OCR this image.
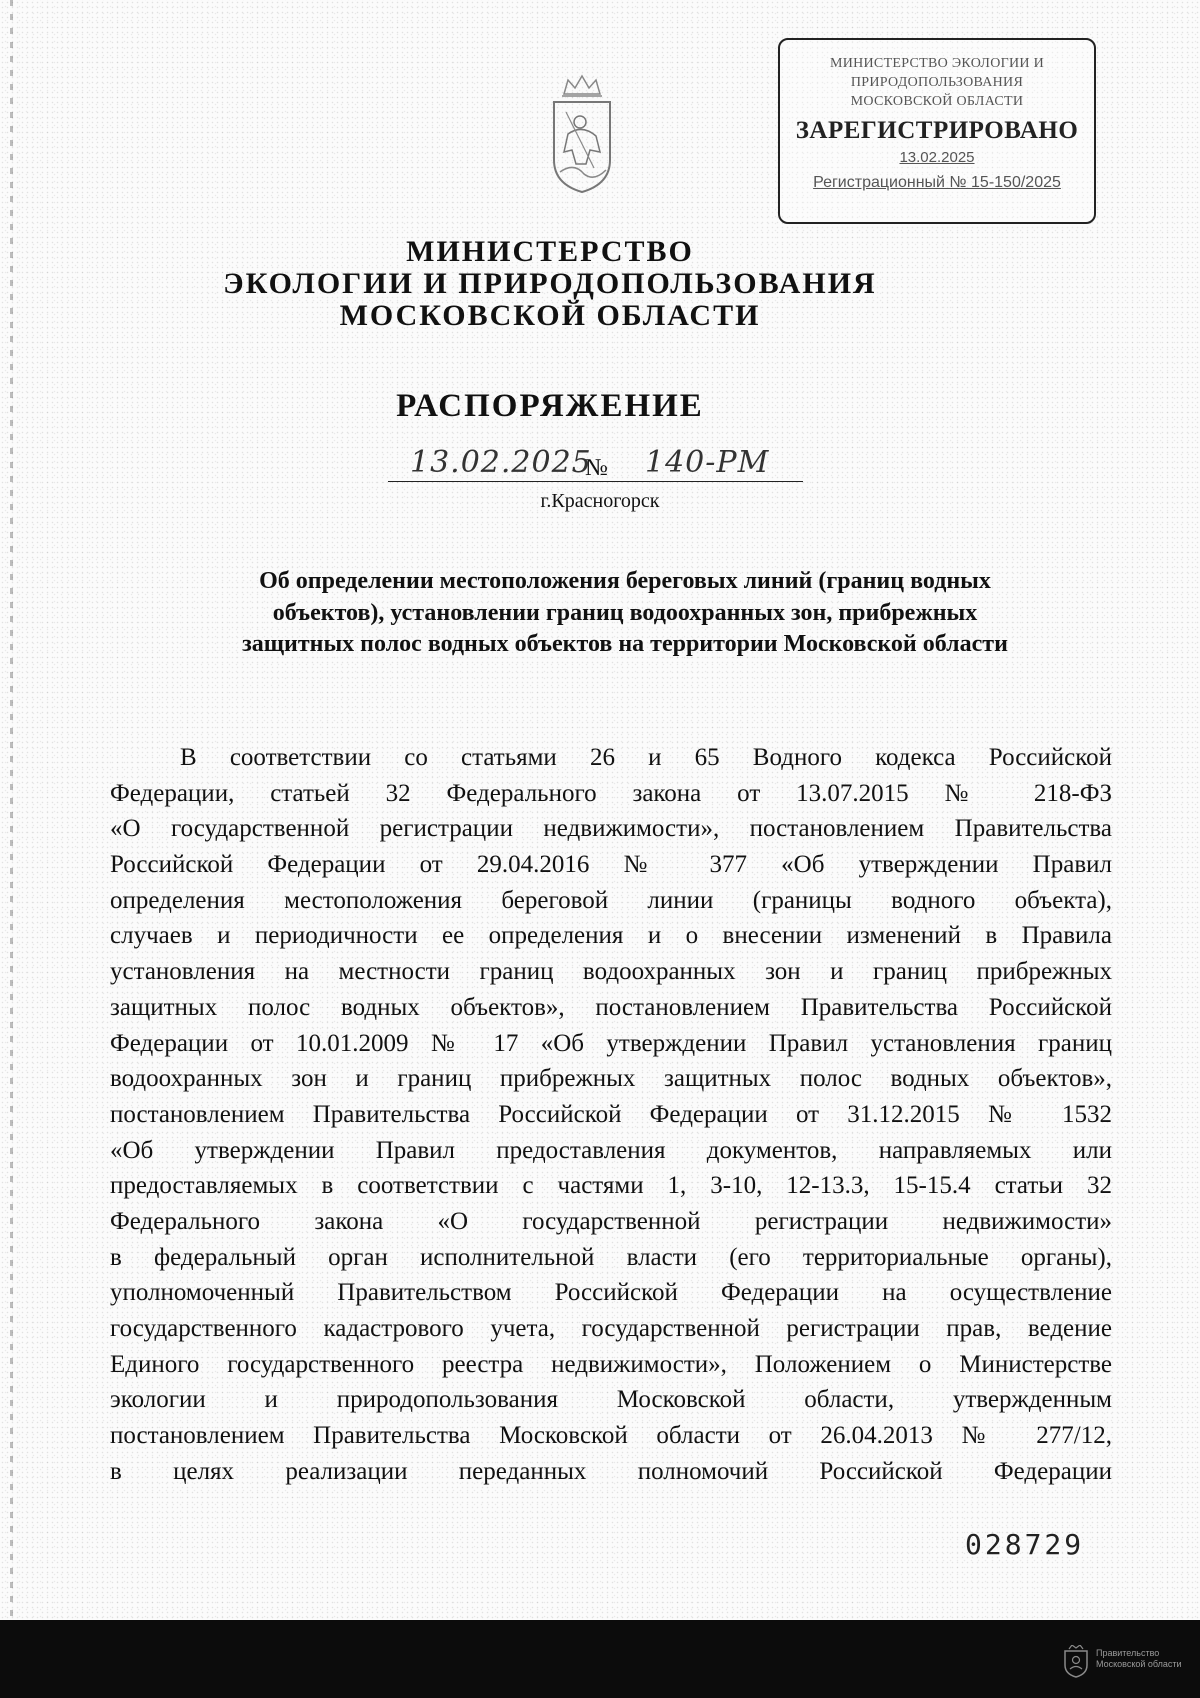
МИНИСТЕРСТВО ЭКОЛОГИИ И
ПРИРОДОПОЛЬЗОВАНИЯ
МОСКОВСКОЙ ОБЛАСТИ
ЗАРЕГИСТРИРОВАНО
13.02.2025
Регистрационный № 15-150/2025
МИНИСТЕРСТВО
ЭКОЛОГИИ И ПРИРОДОПОЛЬЗОВАНИЯ
МОСКОВСКОЙ ОБЛАСТИ
РАСПОРЯЖЕНИЕ
13.02.2025
№ 140-РМ
г.Красногорск
Об определении местоположения береговых линий (границ водных
объектов), установлении границ водоохранных зон, прибрежных
защитных полос водных объектов на территории Московской области
В соответствии со статьями 26 и 65 Водного кодекса Российской
Федерации, статьей 32 Федерального закона от 13.07.2015 № 218-ФЗ
«О государственной регистрации недвижимости», постановлением Правительства
Российской Федерации от 29.04.2016 № 377 «Об утверждении Правил
определения местоположения береговой линии (границы водного объекта),
случаев и периодичности ее определения и о внесении изменений в Правила
установления на местности границ водоохранных зон и границ прибрежных
защитных полос водных объектов», постановлением Правительства Российской
Федерации от 10.01.2009 № 17 «Об утверждении Правил установления границ
водоохранных зон и границ прибрежных защитных полос водных объектов»,
постановлением Правительства Российской Федерации от 31.12.2015 № 1532
«Об утверждении Правил предоставления документов, направляемых или
предоставляемых в соответствии с частями 1, 3-10, 12-13.3, 15-15.4 статьи 32
Федерального закона «О государственной регистрации недвижимости»
в федеральный орган исполнительной власти (его территориальные органы),
уполномоченный Правительством Российской Федерации на осуществление
государственного кадастрового учета, государственной регистрации прав, ведение
Единого государственного реестра недвижимости», Положением о Министерстве
экологии и природопользования Московской области, утвержденным
постановлением Правительства Московской области от 26.04.2013 № 277/12,
в целях реализации переданных полномочий Российской Федерации
028729
Правительство
Московской области
